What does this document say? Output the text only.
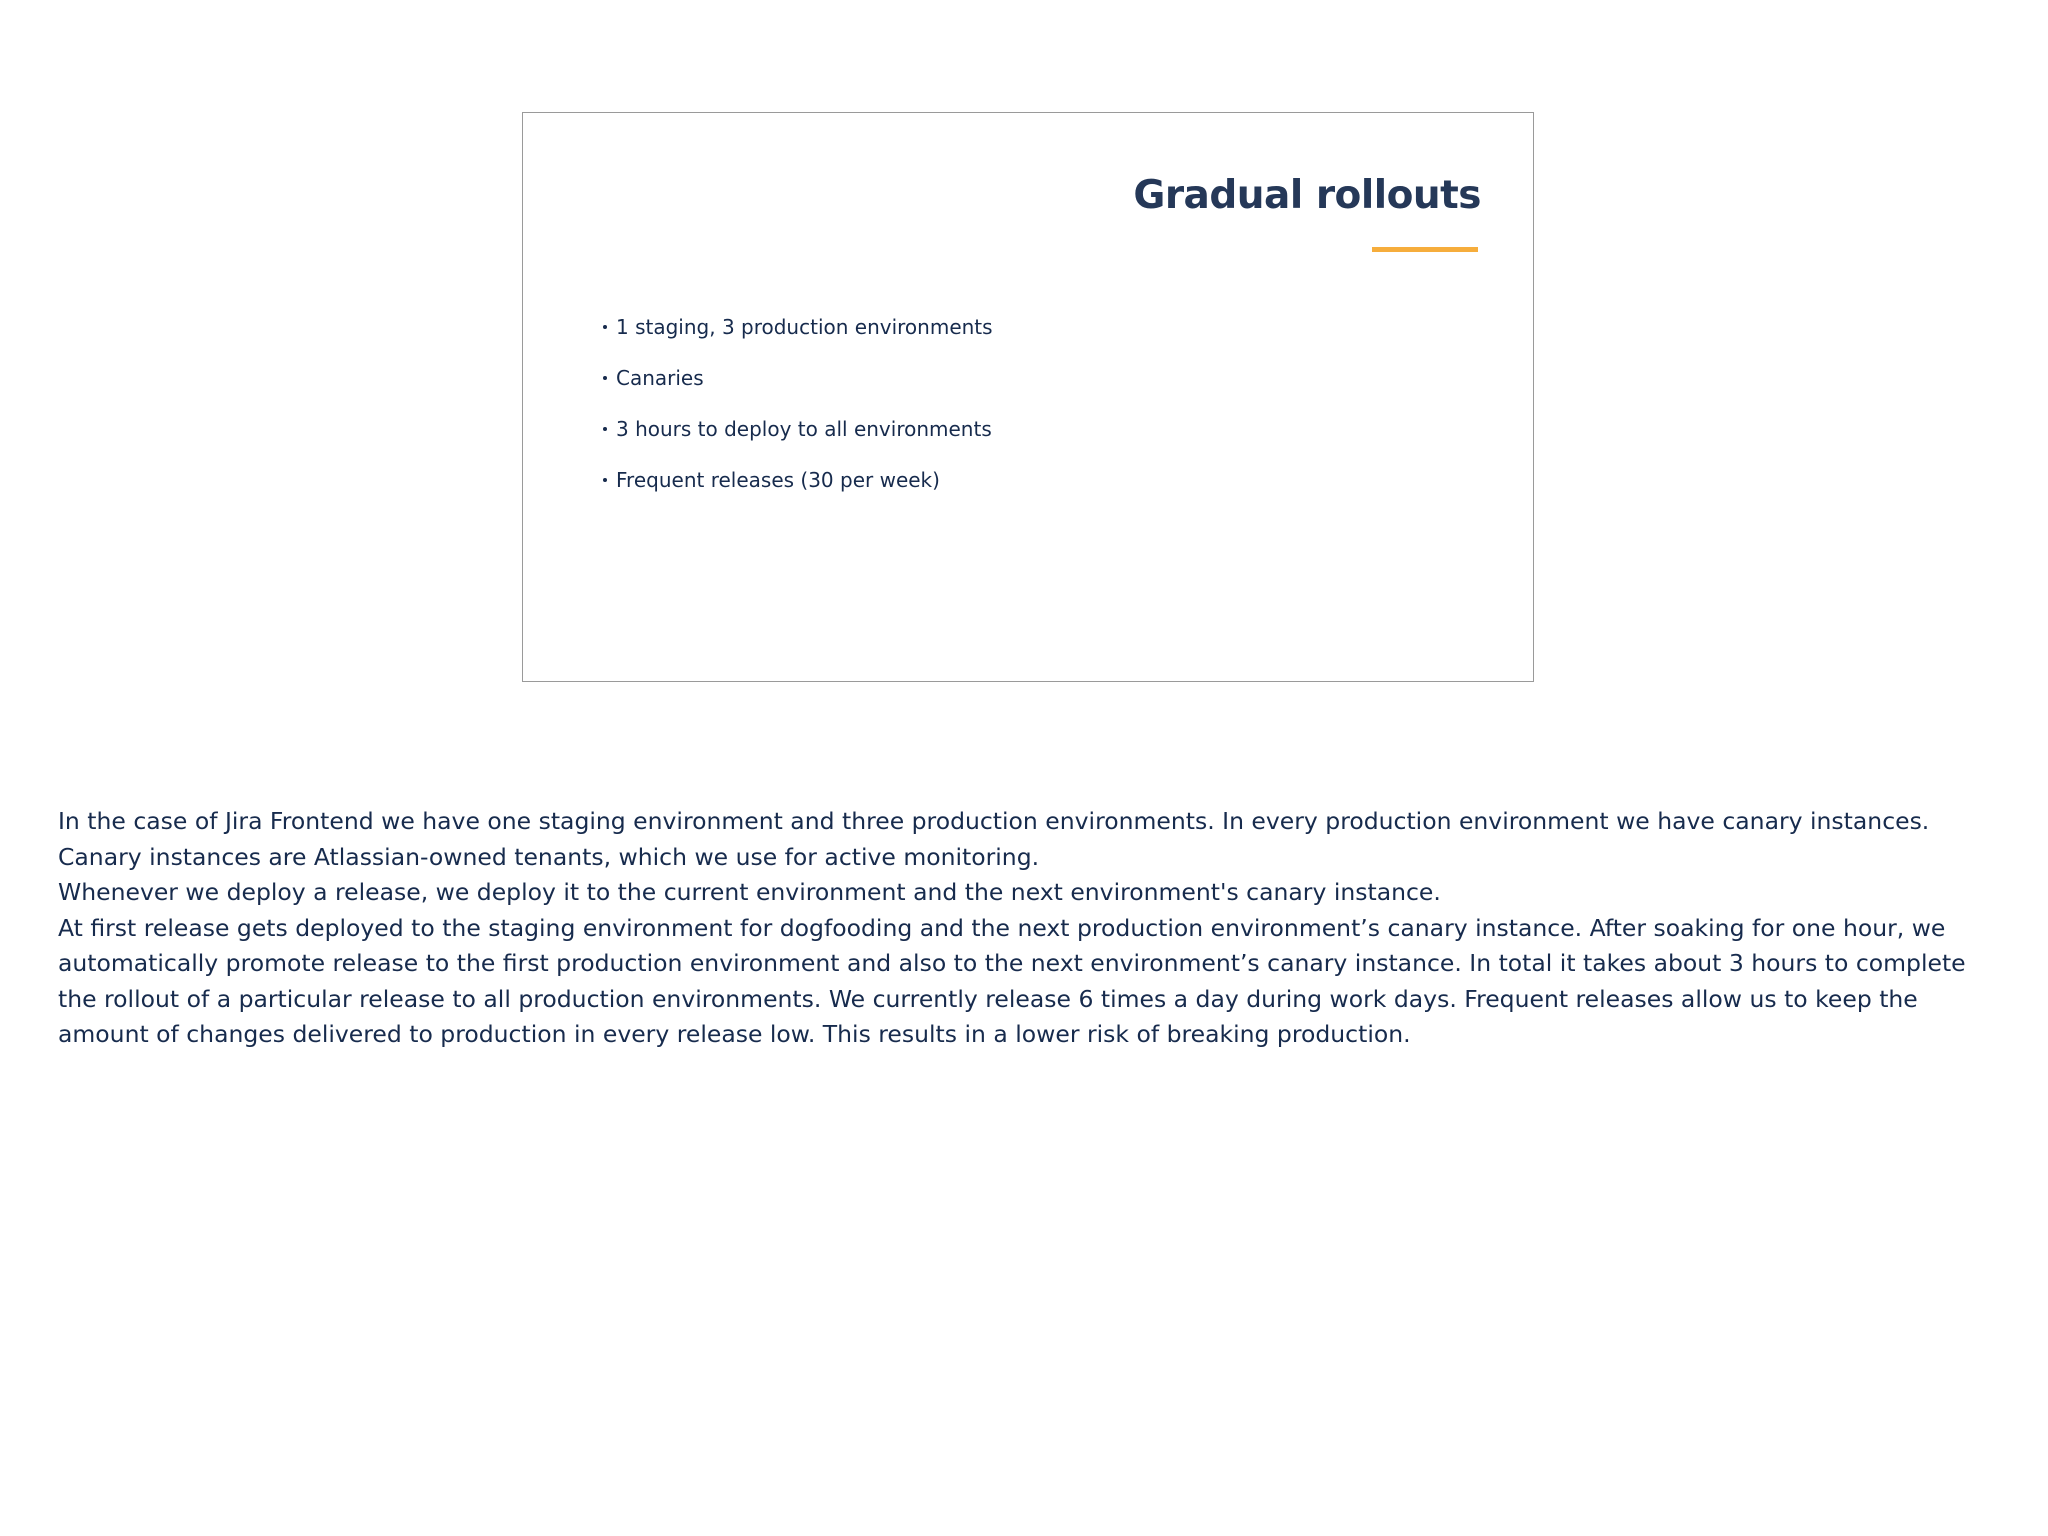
Gradual rollouts
1 staging, 3 production environments
Canaries
3 hours to deploy to all environments
Frequent releases (30 per week)

In the case of Jira Frontend we have one staging environment and three production environments. In every production environment we have canary instances. Canary instances are Atlassian-owned tenants, which we use for active monitoring.

Whenever we deploy a release, we deploy it to the current environment and the next environment's canary instance.

At first release gets deployed to the staging environment for dogfooding and the next production environment’s canary instance. After soaking for one hour, we automatically promote release to the first production environment and also to the next environment’s canary instance. In total it takes about 3 hours to complete the rollout of a particular release to all production environments. We currently release 6 times a day during work days. Frequent releases allow us to keep the amount of changes delivered to production in every release low. This results in a lower risk of breaking production.
